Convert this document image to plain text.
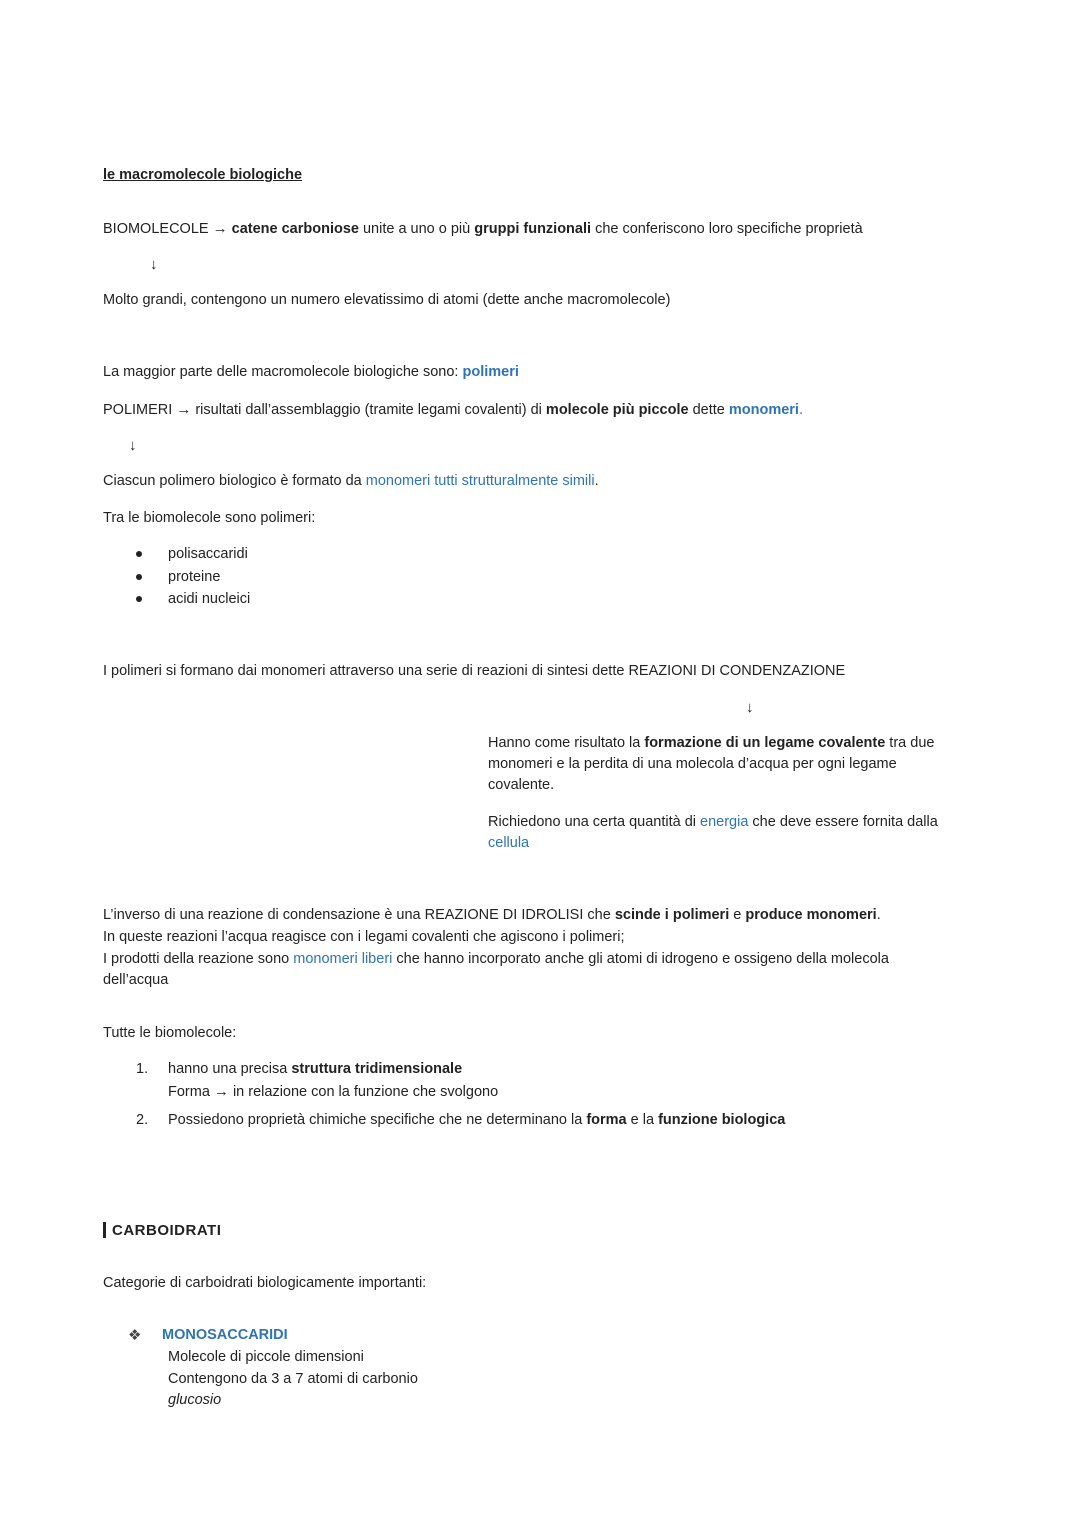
le macromolecole biologiche
BIOMOLECOLE → catene carboniose unite a uno o più gruppi funzionali che conferiscono loro specifiche proprietà
↓
Molto grandi, contengono un numero elevatissimo di atomi (dette anche macromolecole)
La maggior parte delle macromolecole biologiche sono: polimeri
POLIMERI → risultati dall’assemblaggio (tramite legami covalenti) di molecole più piccole dette monomeri.
↓
Ciascun polimero biologico è formato da monomeri tutti strutturalmente simili.
Tra le biomolecole sono polimeri:
polisaccaridi
proteine
acidi nucleici
I polimeri si formano dai monomeri attraverso una serie di reazioni di sintesi dette REAZIONI DI CONDENZAZIONE
↓
Hanno come risultato la formazione di un legame covalente tra due monomeri e la perdita di una molecola d’acqua per ogni legame covalente.
Richiedono una certa quantità di energia che deve essere fornita dalla cellula
L’inverso di una reazione di condensazione è una REAZIONE DI IDROLISI che scinde i polimeri e produce monomeri.
In queste reazioni l’acqua reagisce con i legami covalenti che agiscono i polimeri;
I prodotti della reazione sono monomeri liberi che hanno incorporato anche gli atomi di idrogeno e ossigeno della molecola
dell’acqua
Tutte le biomolecole:
1. hanno una precisa struttura tridimensionale
Forma → in relazione con la funzione che svolgono
2. Possiedono proprietà chimiche specifiche che ne determinano la forma e la funzione biologica
CARBOIDRATI
Categorie di carboidrati biologicamente importanti:
❖ MONOSACCARIDI
Molecole di piccole dimensioni
Contengono da 3 a 7 atomi di carbonio
glucosio
